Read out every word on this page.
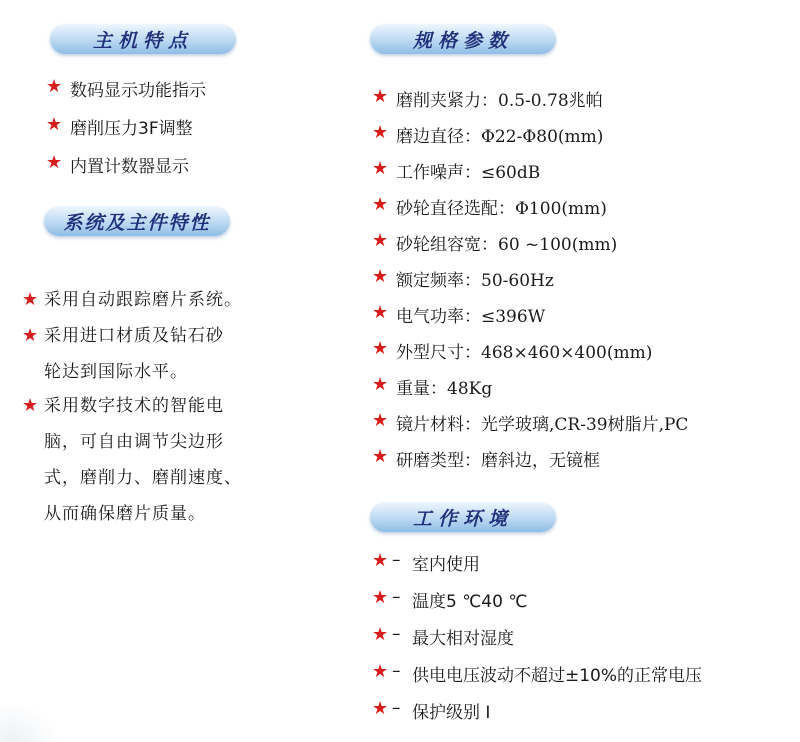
主机特点
★ 数码显示功能指示
★ 磨削压力3F调整
★ 内置计数器显示
系统及主件特性
★ 采用自动跟踪磨片系统。
★ 采用进口材质及钻石砂
轮达到国际水平。
★ 采用数字技术的智能电
脑，可自由调节尖边形
式，磨削力、磨削速度、
从而确保磨片质量。
规格参数
★ 磨削夹紧力：0.5-0.78兆帕
★ 磨边直径：Φ22-Φ80(mm)
★ 工作噪声：≤60dB
★ 砂轮直径选配：Φ100(mm)
★ 砂轮组容宽：60 ~100(mm)
★ 额定频率：50-60Hz
★ 电气功率：≤396W
★ 外型尺寸：468×460×400(mm)
★ 重量：48Kg
★ 镜片材料：光学玻璃,CR-39树脂片,PC
★ 研磨类型：磨斜边，无镜框
工作环境
★ – 室内使用
★ – 温度5 ℃40 ℃
★ – 最大相对湿度
★ – 供电电压波动不超过±10%的正常电压
★ – 保护级别 I
